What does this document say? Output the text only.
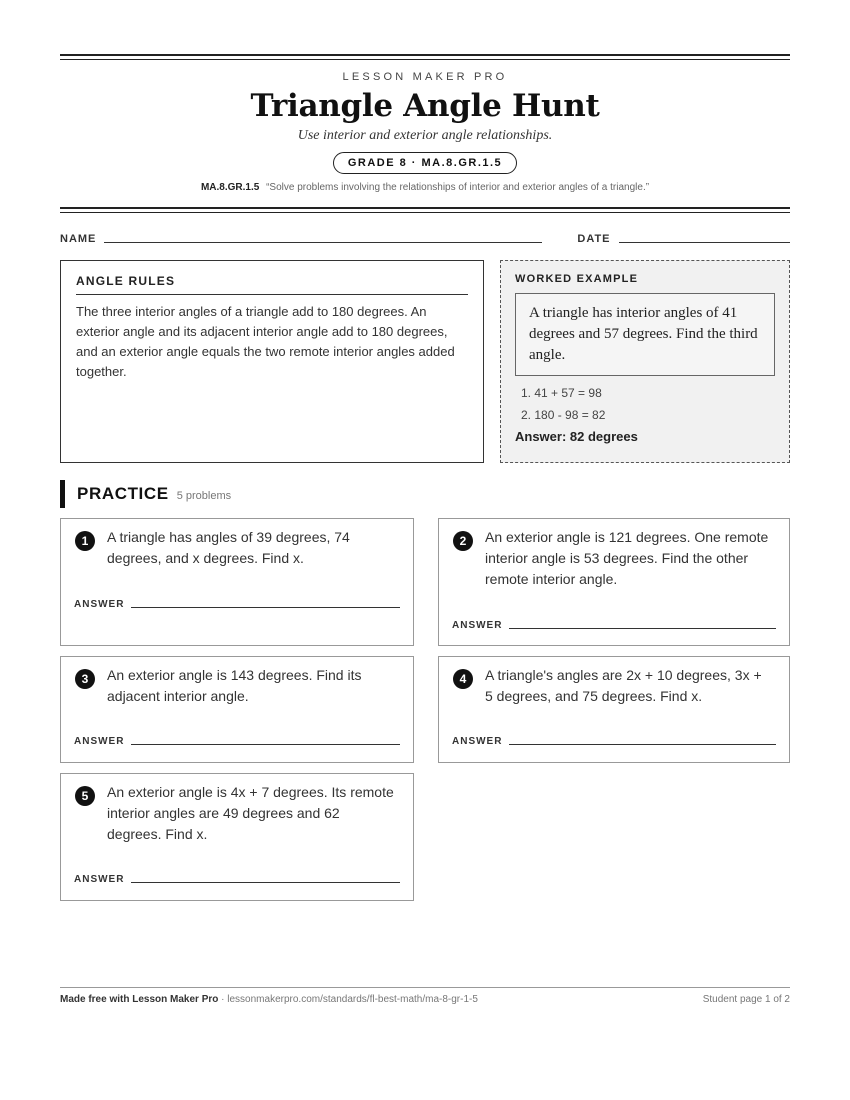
LESSON MAKER PRO
Triangle Angle Hunt
Use interior and exterior angle relationships.
GRADE 8 · MA.8.GR.1.5
MA.8.GR.1.5 “Solve problems involving the relationships of interior and exterior angles of a triangle.”
NAME	DATE
ANGLE RULES
The three interior angles of a triangle add to 180 degrees. An exterior angle and its adjacent interior angle add to 180 degrees, and an exterior angle equals the two remote interior angles added together.
WORKED EXAMPLE
A triangle has interior angles of 41 degrees and 57 degrees. Find the third angle.
1. 41 + 57 = 98
2. 180 - 98 = 82
Answer: 82 degrees
PRACTICE 5 problems
1	A triangle has angles of 39 degrees, 74 degrees, and x degrees. Find x.
ANSWER
2	An exterior angle is 121 degrees. One remote interior angle is 53 degrees. Find the other remote interior angle.
ANSWER
3	An exterior angle is 143 degrees. Find its adjacent interior angle.
ANSWER
4	A triangle's angles are 2x + 10 degrees, 3x + 5 degrees, and 75 degrees. Find x.
ANSWER
5	An exterior angle is 4x + 7 degrees. Its remote interior angles are 49 degrees and 62 degrees. Find x.
ANSWER
Made free with Lesson Maker Pro · lessonmakerpro.com/standards/fl-best-math/ma-8-gr-1-5	Student page 1 of 2
